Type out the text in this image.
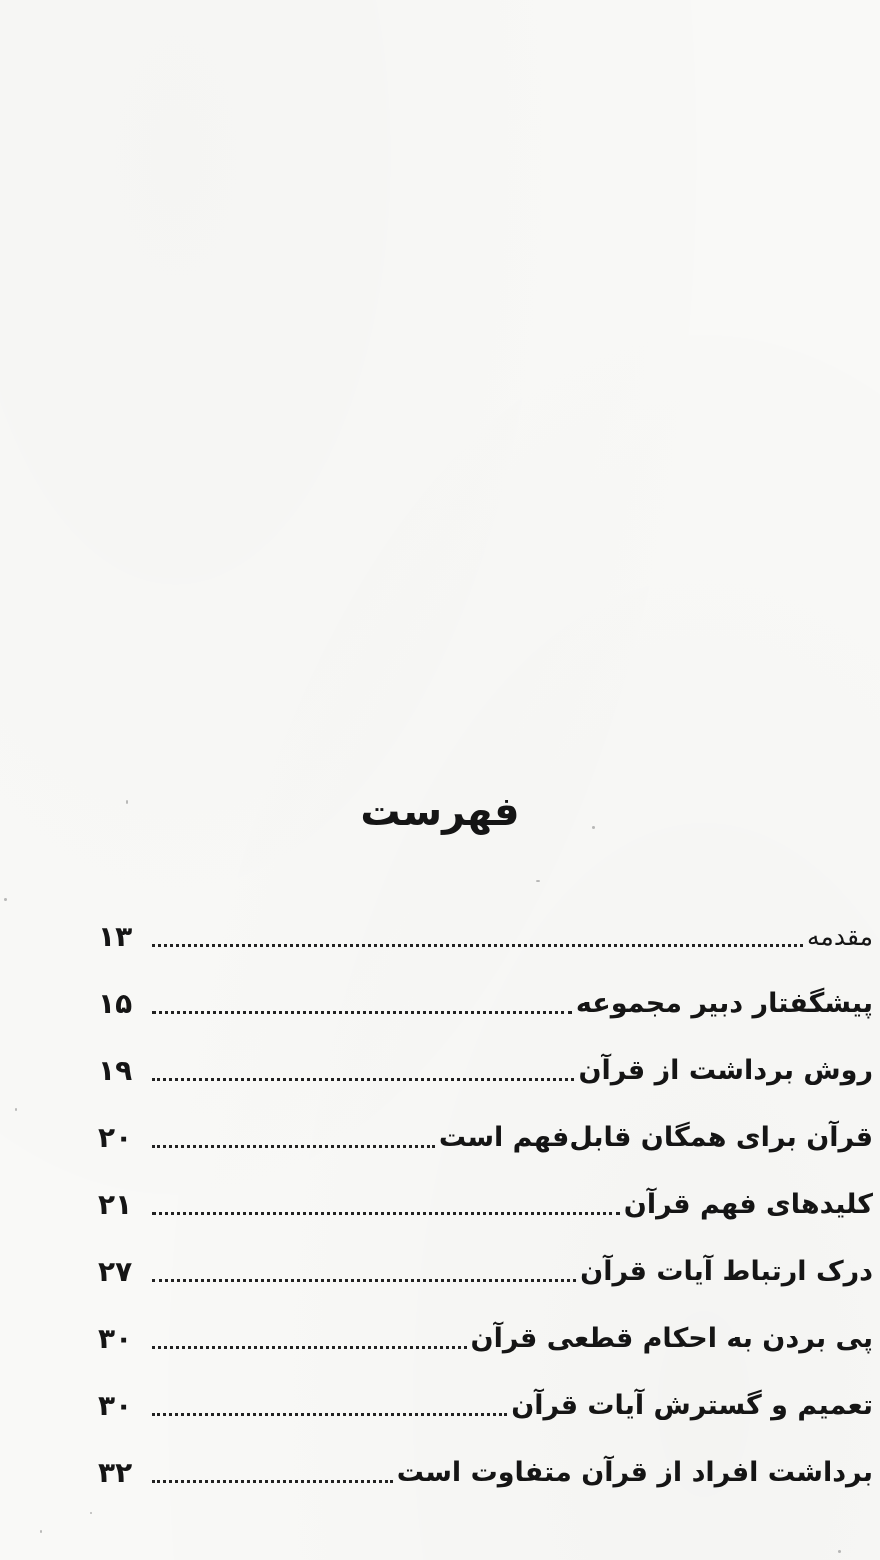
فهرست
مقدمه
۱۳
پیشگفتار دبیر مجموعه
۱۵
روش برداشت از قرآن
۱۹
قرآن برای همگان قابل‌فهم است
۲۰
کلیدهای فهم قرآن
۲۱
درک ارتباط آیات قرآن
۲۷
پی بردن به احکام قطعی قرآن
۳۰
تعمیم و گسترش آیات قرآن
۳۰
برداشت افراد از قرآن متفاوت است
۳۲
